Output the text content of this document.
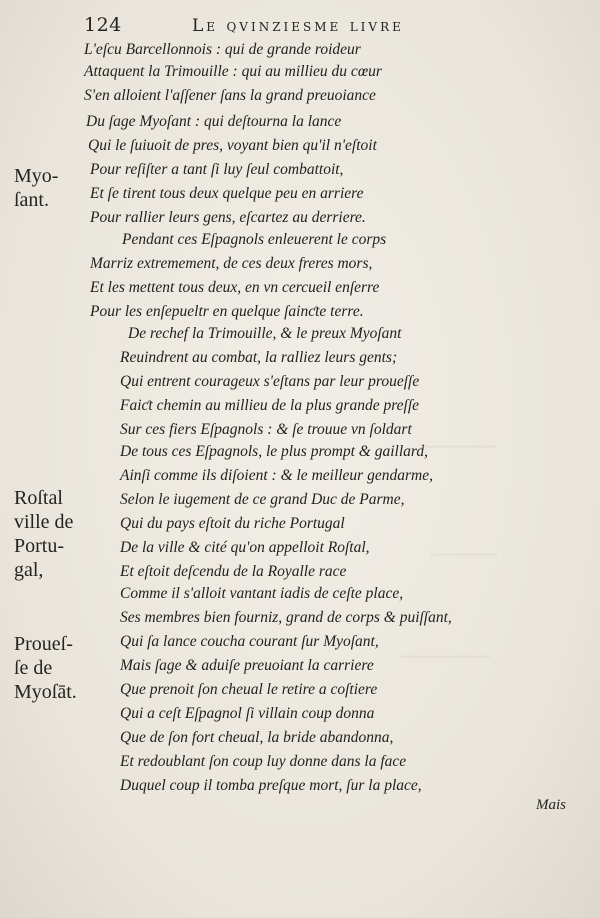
124	Le qvinziesme livre
Myo-
ſant.
Roſtal
ville de
Portu-
gal,
Proueſ-
ſe de
Myoſāt.
L'eſcu Barcellonnois : qui de grande roideur
Attaquent la Trimouille : qui au millieu du cœur
S'en alloient l'aſſener ſans la grand preuoiance
Du ſage Myoſant : qui deſtourna la lance
Qui le ſuiuoit de pres, voyant bien qu'il n'eſtoit
Pour reſiſter a tant ſi luy ſeul combattoit,
Et ſe tirent tous deux quelque peu en arriere
Pour rallier leurs gens, eſcartez au derriere.
Pendant ces Eſpagnols enleuerent le corps
Marriz extremement, de ces deux freres mors,
Et les mettent tous deux, en vn cercueil enſerre
Pour les enſepueltr en quelque ſainƈte terre.
De rechef la Trimouille, & le preux Myoſant
Reuindrent au combat, la ralliez leurs gents;
Qui entrent courageux s'eſtans par leur proueſſe
Faiƈt chemin au millieu de la plus grande preſſe
Sur ces fiers Eſpagnols : & ſe trouue vn ſoldart
De tous ces Eſpagnols, le plus prompt & gaillard,
Ainſi comme ils diſoient : & le meilleur gendarme,
Selon le iugement de ce grand Duc de Parme,
Qui du pays eſtoit du riche Portugal
De la ville & cité qu'on appelloit Roſtal,
Et eſtoit deſcendu de la Royalle race
Comme il s'alloit vantant iadis de ceſte place,
Ses membres bien fourniz, grand de corps & puiſſant,
Qui ſa lance coucha courant ſur Myoſant,
Mais ſage & aduiſe preuoiant la carriere
Que prenoit ſon cheual le retire a coſtiere
Qui a ceſt Eſpagnol ſi villain coup donna
Que de ſon fort cheual, la bride abandonna,
Et redoublant ſon coup luy donne dans la face
Duquel coup il tomba preſque mort, ſur la place,
Mais
~~~~~~~~~~
~~~~~~~~~
~~~~~~~~~~~~
